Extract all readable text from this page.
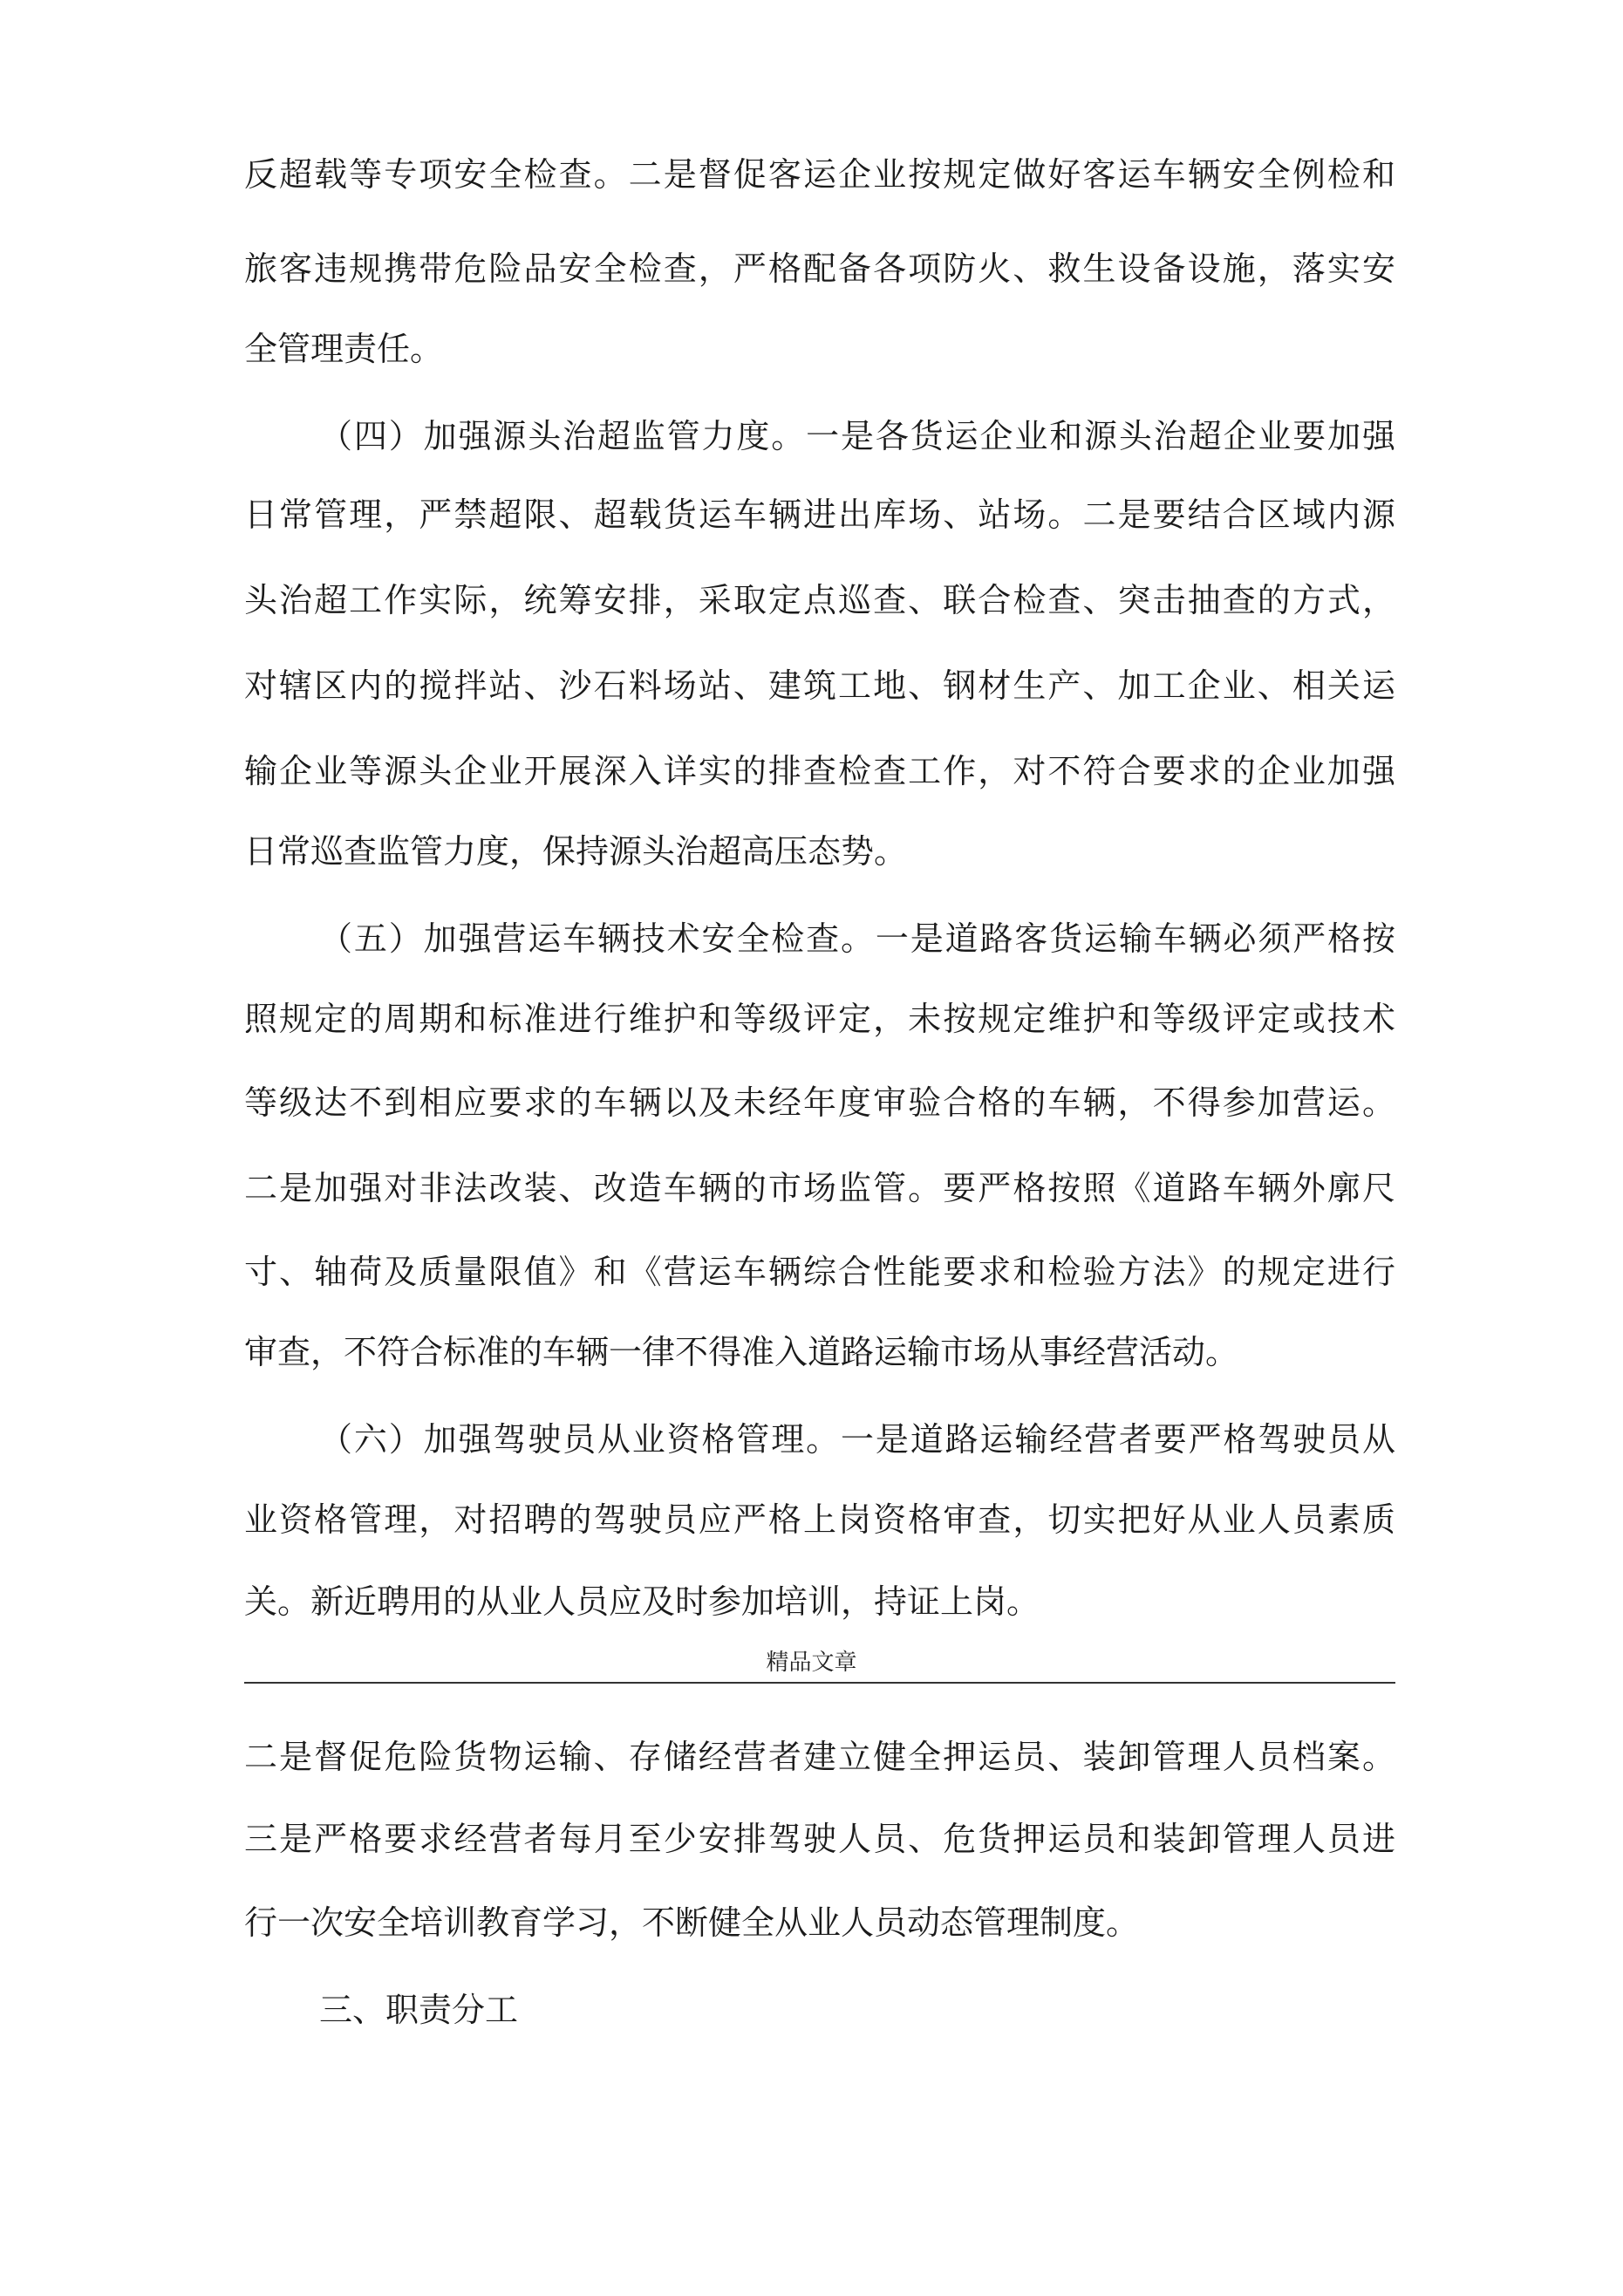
反超载等专项安全检查。二是督促客运企业按规定做好客运车辆安全例检和
旅客违规携带危险品安全检查，严格配备各项防火、救生设备设施，落实安
全管理责任。
（四）加强源头治超监管力度。一是各货运企业和源头治超企业要加强
日常管理，严禁超限、超载货运车辆进出库场、站场。二是要结合区域内源
头治超工作实际，统筹安排，采取定点巡查、联合检查、突击抽查的方式，
对辖区内的搅拌站、沙石料场站、建筑工地、钢材生产、加工企业、相关运
输企业等源头企业开展深入详实的排查检查工作，对不符合要求的企业加强
日常巡查监管力度，保持源头治超高压态势。
（五）加强营运车辆技术安全检查。一是道路客货运输车辆必须严格按
照规定的周期和标准进行维护和等级评定，未按规定维护和等级评定或技术
等级达不到相应要求的车辆以及未经年度审验合格的车辆，不得参加营运。
二是加强对非法改装、改造车辆的市场监管。要严格按照《道路车辆外廓尺
寸、轴荷及质量限值》和《营运车辆综合性能要求和检验方法》的规定进行
审查，不符合标准的车辆一律不得准入道路运输市场从事经营活动。
（六）加强驾驶员从业资格管理。一是道路运输经营者要严格驾驶员从
业资格管理，对招聘的驾驶员应严格上岗资格审查，切实把好从业人员素质
关。新近聘用的从业人员应及时参加培训，持证上岗。
精品文章
二是督促危险货物运输、存储经营者建立健全押运员、装卸管理人员档案。
三是严格要求经营者每月至少安排驾驶人员、危货押运员和装卸管理人员进
行一次安全培训教育学习，不断健全从业人员动态管理制度。
三、职责分工
